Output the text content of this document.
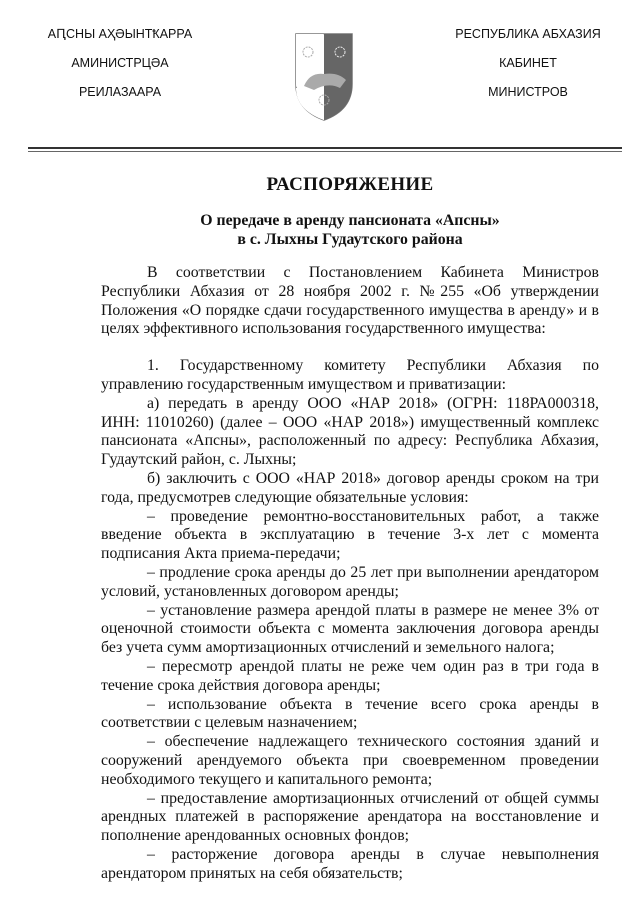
АԤСНЫ АҲӘЫНТҞАРРА
АМИНИСТРЦӘА
РЕИЛАЗААРА
РЕСПУБЛИКА АБХАЗИЯ
КАБИНЕТ
МИНИСТРОВ
РАСПОРЯЖЕНИЕ
О передаче в аренду пансионата «Апсны»
в с. Лыхны Гудаутского района

В соответствии с Постановлением Кабинета Министров Республики Абхазия от 28 ноября 2002 г. №255 «Об утверждении Положения «О порядке сдачи государственного имущества в аренду» и в целях эффективного использования государственного имущества:

1. Государственному комитету Республики Абхазия по управлению государственным имуществом и приватизации:

а) передать в аренду ООО «НАР 2018» (ОГРН: 118РА000318, ИНН: 11010260) (далее – ООО «НАР 2018») имущественный комплекс пансионата «Апсны», расположенный по адресу: Республика Абхазия, Гудаутский район, с. Лыхны;

б) заключить с ООО «НАР 2018» договор аренды сроком на три года, предусмотрев следующие обязательные условия:

– проведение ремонтно-восстановительных работ, а также введение объекта в эксплуатацию в течение 3-х лет с момента подписания Акта приема-передачи;

– продление срока аренды до 25 лет при выполнении арендатором условий, установленных договором аренды;

– установление размера арендой платы в размере не менее 3% от оценочной стоимости объекта с момента заключения договора аренды без учета сумм амортизационных отчислений и земельного налога;

– пересмотр арендой платы не реже чем один раз в три года в течение срока действия договора аренды;

– использование объекта в течение всего срока аренды в соответствии с целевым назначением;

– обеспечение надлежащего технического состояния зданий и сооружений арендуемого объекта при своевременном проведении необходимого текущего и капитального ремонта;

– предоставление амортизационных отчислений от общей суммы арендных платежей в распоряжение арендатора на восстановление и пополнение арендованных основных фондов;

– расторжение договора аренды в случае невыполнения арендатором принятых на себя обязательств;
